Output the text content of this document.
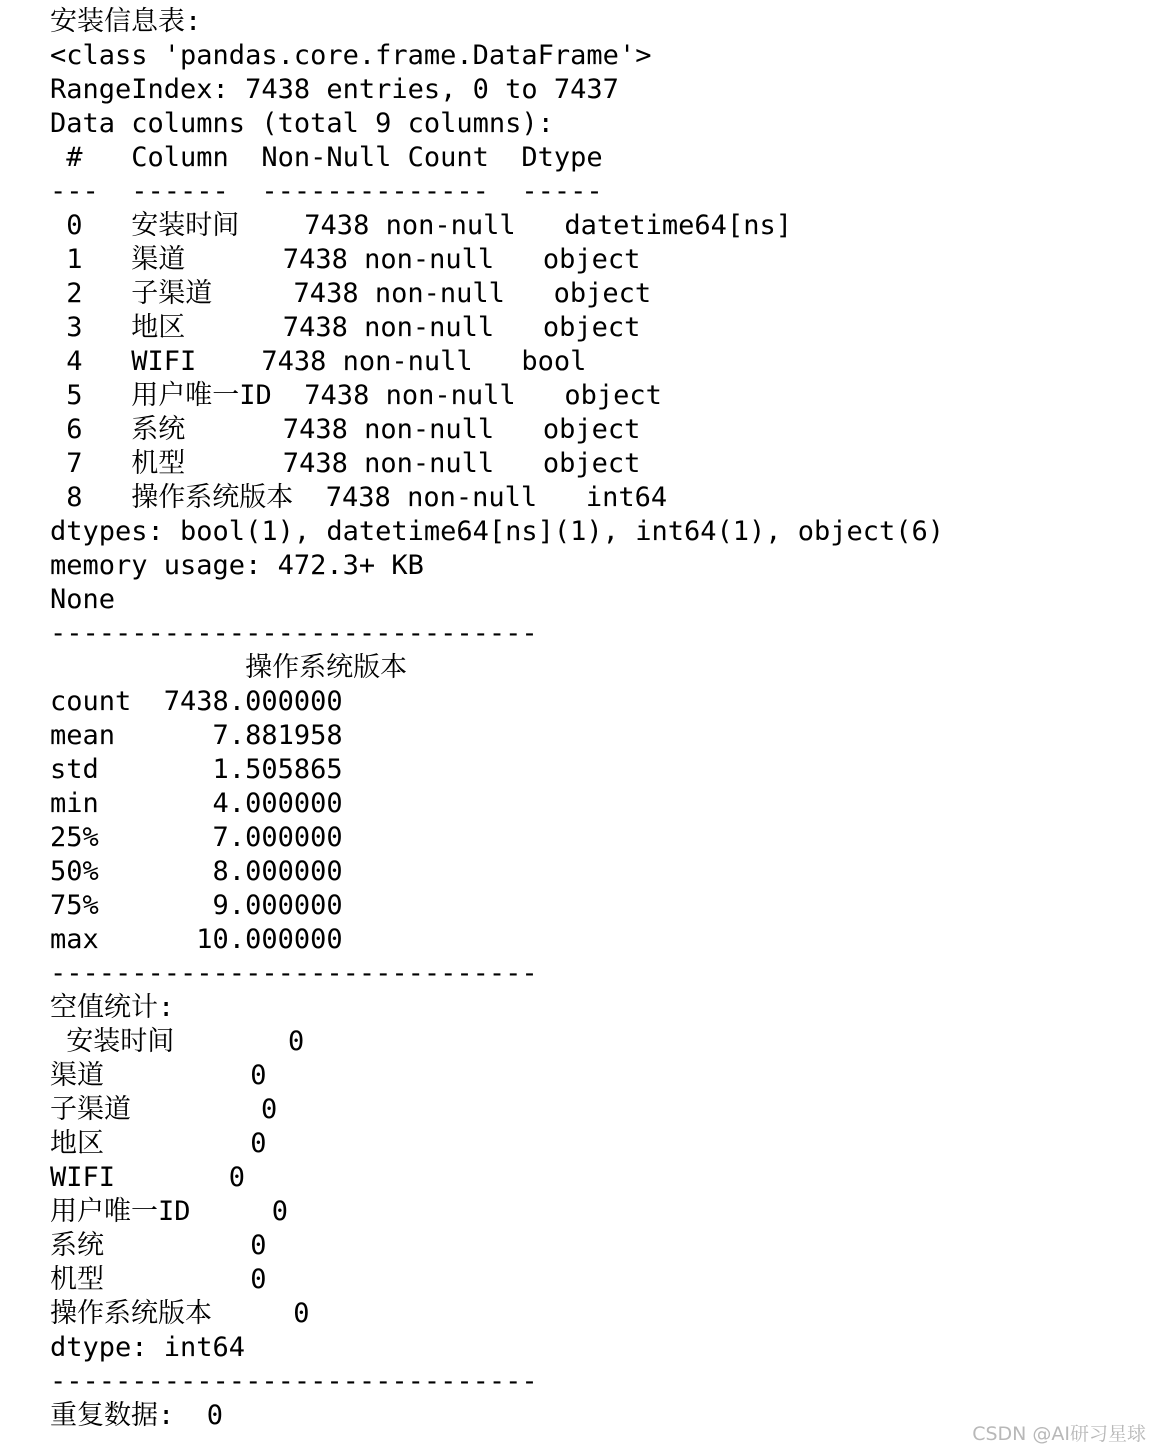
安装信息表:
<class 'pandas.core.frame.DataFrame'>
RangeIndex: 7438 entries, 0 to 7437
Data columns (total 9 columns):
#   Column  Non-Null Count  Dtype
---  ------  --------------  -----
0   安装时间    7438 non-null   datetime64[ns]
1   渠道      7438 non-null   object
2   子渠道     7438 non-null   object
3   地区      7438 non-null   object
4   WIFI    7438 non-null   bool
5   用户唯一ID  7438 non-null   object
6   系统      7438 non-null   object
7   机型      7438 non-null   object
8   操作系统版本  7438 non-null   int64
dtypes: bool(1), datetime64[ns](1), int64(1), object(6)
memory usage: 472.3+ KB
None
------------------------------
操作系统版本
count  7438.000000
mean      7.881958
std       1.505865
min       4.000000
25%       7.000000
50%       8.000000
75%       9.000000
max      10.000000
------------------------------
空值统计:
安装时间       0
渠道         0
子渠道        0
地区         0
WIFI       0
用户唯一ID     0
系统         0
机型         0
操作系统版本     0
dtype: int64
------------------------------
重复数据:  0
CSDN @AI研习星球
